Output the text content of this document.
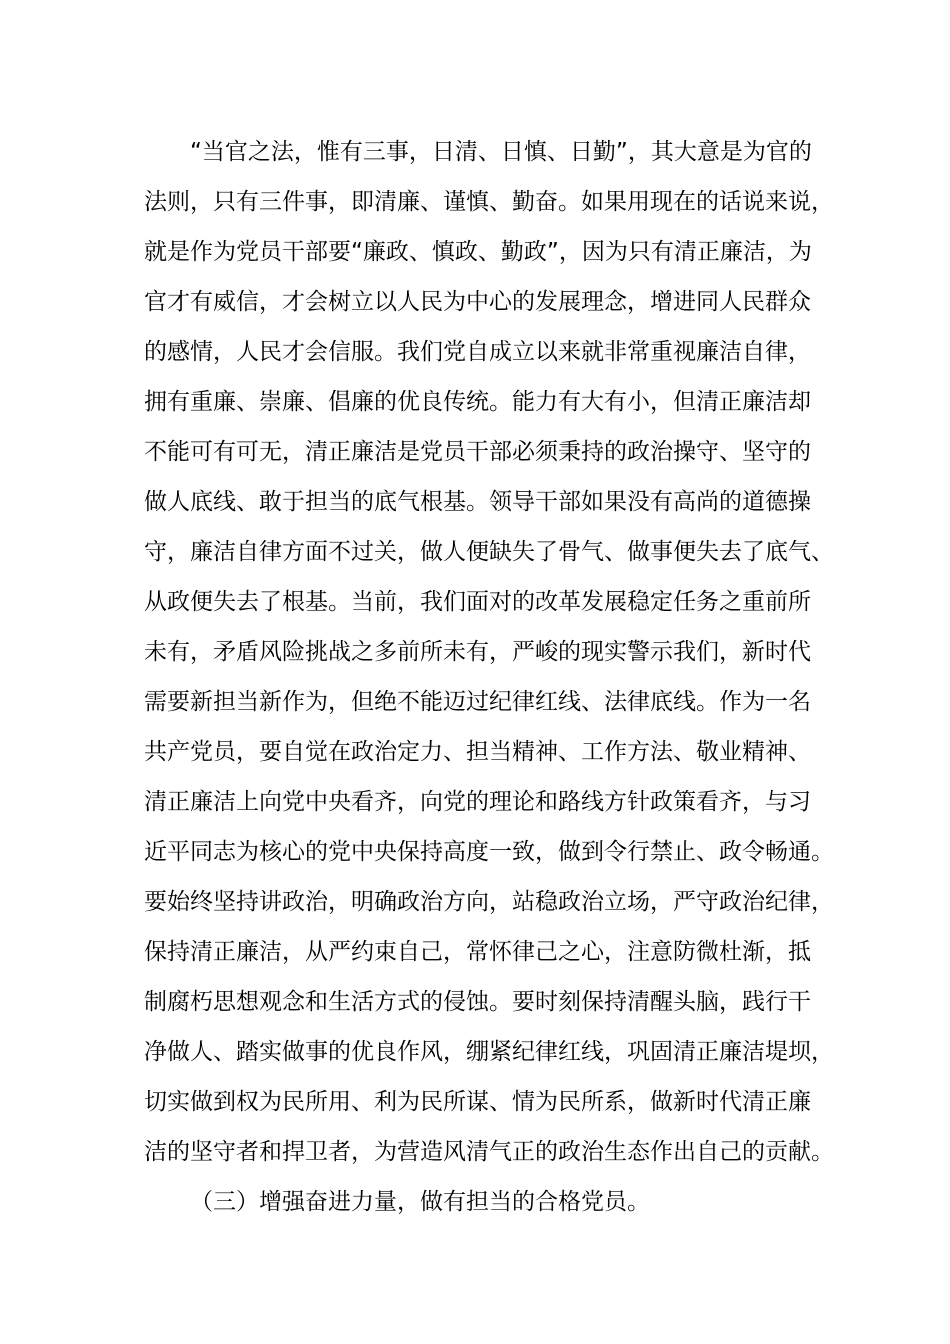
“当官之法，惟有三事，日清、日慎、日勤”，其大意是为官的
法则，只有三件事，即清廉、谨慎、勤奋。如果用现在的话说来说，
就是作为党员干部要“廉政、慎政、勤政”，因为只有清正廉洁，为
官才有威信，才会树立以人民为中心的发展理念，增进同人民群众
的感情，人民才会信服。我们党自成立以来就非常重视廉洁自律，
拥有重廉、崇廉、倡廉的优良传统。能力有大有小，但清正廉洁却
不能可有可无，清正廉洁是党员干部必须秉持的政治操守、坚守的
做人底线、敢于担当的底气根基。领导干部如果没有高尚的道德操
守，廉洁自律方面不过关，做人便缺失了骨气、做事便失去了底气、
从政便失去了根基。当前，我们面对的改革发展稳定任务之重前所
未有，矛盾风险挑战之多前所未有，严峻的现实警示我们，新时代
需要新担当新作为，但绝不能迈过纪律红线、法律底线。作为一名
共产党员，要自觉在政治定力、担当精神、工作方法、敬业精神、
清正廉洁上向党中央看齐，向党的理论和路线方针政策看齐，与习
近平同志为核心的党中央保持高度一致，做到令行禁止、政令畅通。
要始终坚持讲政治，明确政治方向，站稳政治立场，严守政治纪律，
保持清正廉洁，从严约束自己，常怀律己之心，注意防微杜渐，抵
制腐朽思想观念和生活方式的侵蚀。要时刻保持清醒头脑，践行干
净做人、踏实做事的优良作风，绷紧纪律红线，巩固清正廉洁堤坝，
切实做到权为民所用、利为民所谋、情为民所系，做新时代清正廉
洁的坚守者和捍卫者，为营造风清气正的政治生态作出自己的贡献。
（三）增强奋进力量，做有担当的合格党员。
